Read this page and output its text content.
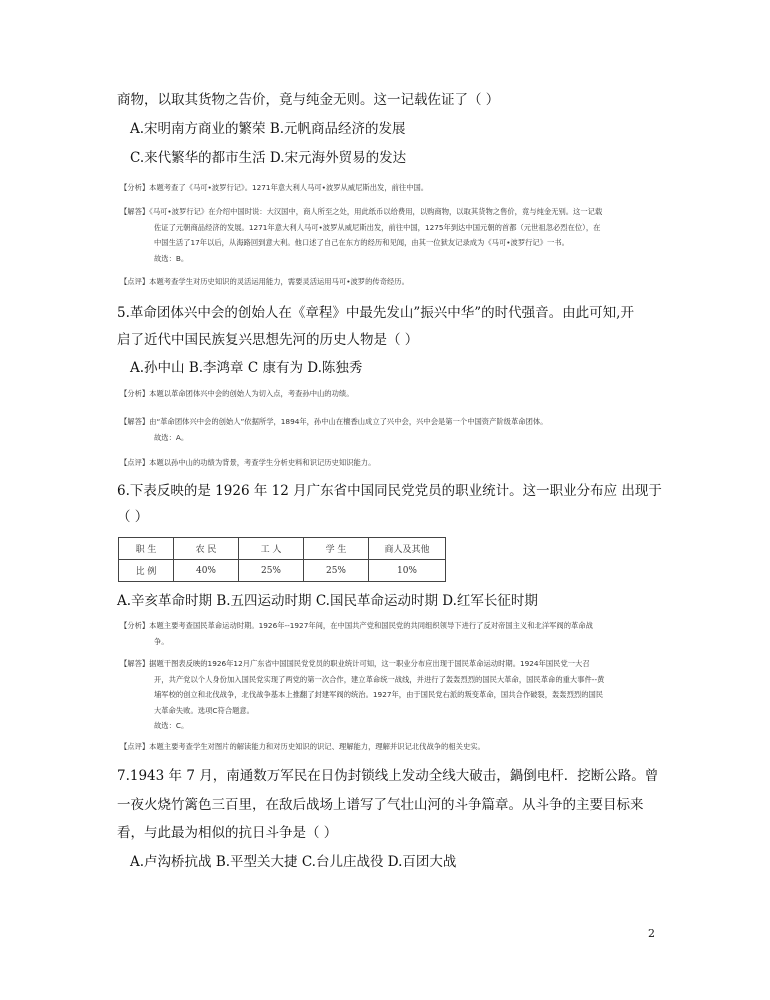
商物，以取其货物之告价，竟与纯金无则。这一记载佐证了（ ）
A.宋明南方商业的繁荣 B.元帆商品经济的发展
C.来代繁华的都市生活 D.宋元海外贸易的发达
【分析】本题考查了《马可•波罗行记》。1271年意大利人马可•波罗从威尼斯出发，前往中国。
【解答】《马可•波罗行记》在介绍中国时说：大汉国中，商人所至之处，用此纸币以给费用，以购商物，以取其货物之售价，竟与纯金无别。这一记载
佐证了元朝商品经济的发展。1271年意大利人马可•波罗从威尼斯出发，前往中国，1275年到达中国元朝的首都（元世祖忽必烈在位），在
中国生活了17年以后，从海路回到意大利。他口述了自己在东方的经历和见闻，由其一位狱友记录成为《马可•波罗行记》一书。
故选：B。
【点评】本题考查学生对历史知识的灵活运用能力，需要灵活运用马可•波罗的传奇经历。
5.革命团体兴中会的创始人在《章程》中最先发山”振兴中华”的时代强音。由此可知,开
启了近代中国民族复兴思想先河的历史人物是（ ）
A.孙中山 B.李鸿章 C 康有为 D.陈独秀
【分析】本题以革命团体兴中会的创始人为切入点，考查孙中山的功绩。
【解答】由“革命团体兴中会的创始人”依据所学，1894年，孙中山在檀香山成立了兴中会，兴中会是第一个中国资产阶级革命团体。
故选：A。
【点评】本题以孙中山的功绩为背景，考查学生分析史料和识记历史知识能力。
6.下表反映的是 1926 年 12 月广东省中国同民党党员的职业统计。这一职业分布应 出现于
（ ）
职 生	农 民	工 人	学 生	商人及其他
比 例	40%	25%	25%	10%
A.辛亥革命时期 B.五四运动时期 C.国民革命运动时期 D.红军长征时期
【分析】本题主要考查国民革命运动时期。1926年--1927年间，在中国共产党和国民党的共同组织领导下进行了反对帝国主义和北洋军阀的革命战
争。
【解答】据题干图表反映的1926年12月广东省中国国民党党员的职业统计可知，这一职业分布应出现于国民革命运动时期。1924年国民党一大召
开，共产党以个人身份加入国民党实现了两党的第一次合作，建立革命统一战线，并进行了轰轰烈烈的国民大革命，国民革命的重大事件--黄
埔军校的创立和北伐战争，北伐战争基本上推翻了封建军阀的统治。1927年，由于国民党右派的叛变革命，国共合作破裂，轰轰烈烈的国民
大革命失败。选项C符合题意。
故选：C。
【点评】本题主要考查学生对图片的解读能力和对历史知识的识记、理解能力，理解并识记北伐战争的相关史实。
7.1943 年 7 月，南通数万军民在日伪封锁线上发动全线大破击，鍋倒电杆．挖断公路。曾
一夜火烧竹篱色三百里，在敌后战场上谱写了气壮山河的斗争篇章。从斗争的主要目标来
看，与此最为相似的抗日斗争是（ ）
A.卢沟桥抗战 B.平型关大捷 C.台儿庄战役 D.百团大战
2
